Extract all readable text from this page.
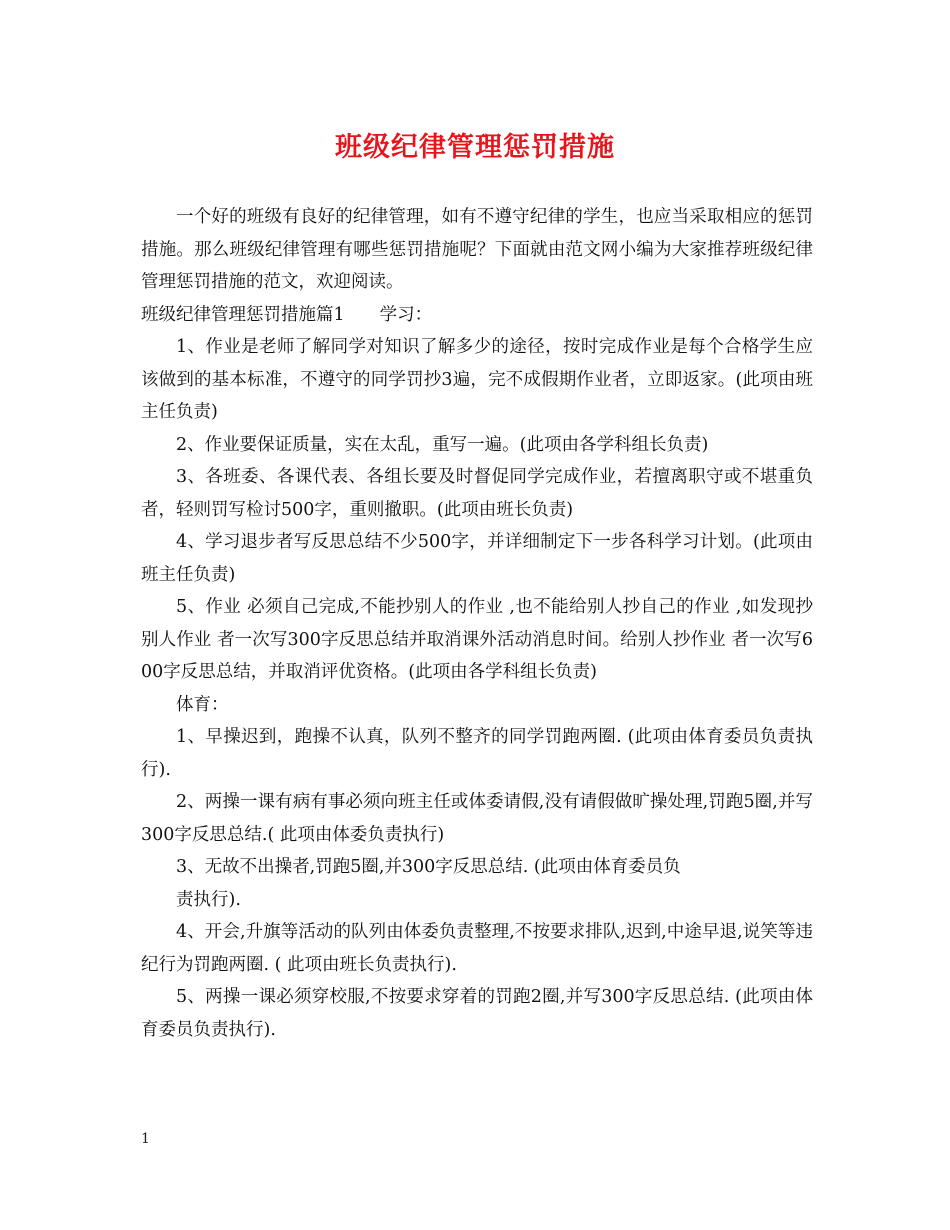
班级纪律管理惩罚措施

一个好的班级有良好的纪律管理，如有不遵守纪律的学生，也应当采取相应的惩罚措施。那么班级纪律管理有哪些惩罚措施呢？下面就由范文网小编为大家推荐班级纪律管理惩罚措施的范文，欢迎阅读。

班级纪律管理惩罚措施篇1　　学习：

1、作业是老师了解同学对知识了解多少的途径，按时完成作业是每个合格学生应该做到的基本标准，不遵守的同学罚抄3遍，完不成假期作业者，立即返家。(此项由班主任负责)

2、作业要保证质量，实在太乱，重写一遍。(此项由各学科组长负责)

3、各班委、各课代表、各组长要及时督促同学完成作业，若擅离职守或不堪重负者，轻则罚写检讨500字，重则撤职。(此项由班长负责)

4、学习退步者写反思总结不少500字，并详细制定下一步各科学习计划。(此项由班主任负责)

5、作业 必须自己完成,不能抄别人的作业 ,也不能给别人抄自己的作业 ,如发现抄别人作业 者一次写300字反思总结并取消课外活动消息时间。给别人抄作业 者一次写600字反思总结，并取消评优资格。(此项由各学科组长负责)

体育：

1、早操迟到，跑操不认真，队列不整齐的同学罚跑两圈. (此项由体育委员负责执行).

2、两操一课有病有事必须向班主任或体委请假,没有请假做旷操处理,罚跑5圈,并写300字反思总结.( 此项由体委负责执行)

3、无故不出操者,罚跑5圈,并300字反思总结. (此项由体育委员负

责执行).

4、开会,升旗等活动的队列由体委负责整理,不按要求排队,迟到,中途早退,说笑等违纪行为罚跑两圈. ( 此项由班长负责执行).

5、两操一课必须穿校服,不按要求穿着的罚跑2圈,并写300字反思总结. (此项由体育委员负责执行).

1
